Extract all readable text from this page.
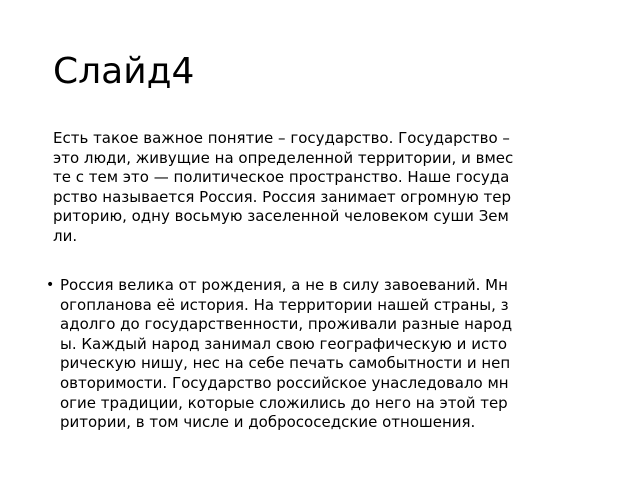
Слайд4
Есть такое важное понятие – государство. Государство –
это люди, живущие на определенной территории, и вмес
те с тем это — политическое пространство. Наше госуда
рство называется Россия. Россия занимает огромную тер
риторию, одну восьмую заселенной человеком суши Зем
ли.
• Россия велика от рождения, а не в силу завоеваний. Мн
огопланова её история. На территории нашей страны, з
адолго до государственности, проживали разные народ
ы. Каждый народ занимал свою географическую и исто
рическую нишу, нес на себе печать самобытности и неп
овторимости. Государство российское унаследовало мн
огие традиции, которые сложились до него на этой тер
ритории, в том числе и добрососедские отношения.
